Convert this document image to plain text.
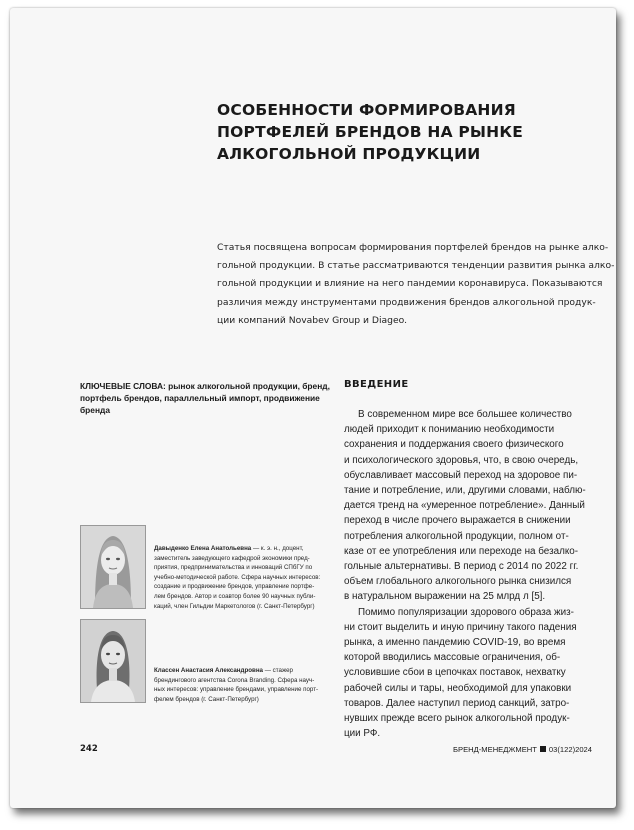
ОСОБЕННОСТИ ФОРМИРОВАНИЯ
ПОРТФЕЛЕЙ БРЕНДОВ НА РЫНКЕ
АЛКОГОЛЬНОЙ ПРОДУКЦИИ
Статья посвящена вопросам формирования портфелей брендов на рынке алко-
гольной продукции. В статье рассматриваются тенденции развития рынка алко-
гольной продукции и влияние на него пандемии коронавируса. Показываются
различия между инструментами продвижения брендов алкогольной продук-
ции компаний Novabev Group и Diageo.
КЛЮЧЕВЫЕ СЛОВА: рынок алкогольной продукции, бренд,
портфель брендов, параллельный импорт, продвижение
бренда
ВВЕДЕНИЕ
В современном мире все большее количество
людей приходит к пониманию необходимости
сохранения и поддержания своего физического
и психологического здоровья, что, в свою очередь,
обуславливает массовый переход на здоровое пи-
тание и потребление, или, другими словами, наблю-
дается тренд на «умеренное потребление». Данный
переход в числе прочего выражается в снижении
потребления алкогольной продукции, полном от-
казе от ее употребления или переходе на безалко-
гольные альтернативы. В период с 2014 по 2022 гг.
объем глобального алкогольного рынка снизился
в натуральном выражении на 25 млрд л [5].
Помимо популяризации здорового образа жиз-
ни стоит выделить и иную причину такого падения
рынка, а именно пандемию COVID-19, во время
которой вводились массовые ограничения, об-
условившие сбои в цепочках поставок, нехватку
рабочей силы и тары, необходимой для упаковки
товаров. Далее наступил период санкций, затро-
нувших прежде всего рынок алкогольной продук-
ции РФ.
Давыденко Елена Анатольевна — к. э. н., доцент,
заместитель заведующего кафедрой экономики пред-
приятия, предпринимательства и инноваций СПбГУ по
учебно-методической работе. Сфера научных интересов:
создание и продвижение брендов, управление портфе-
лем брендов. Автор и соавтор более 90 научных публи-
каций, член Гильдии Маркетологов (г. Санкт-Петербург)
Классен Анастасия Александровна — стажер
брендингового агентства Corona Branding. Сфера науч-
ных интересов: управление брендами, управление порт-
фелем брендов (г. Санкт-Петербург)
242	БРЕНД-МЕНЕДЖМЕНТ 03(122)2024
